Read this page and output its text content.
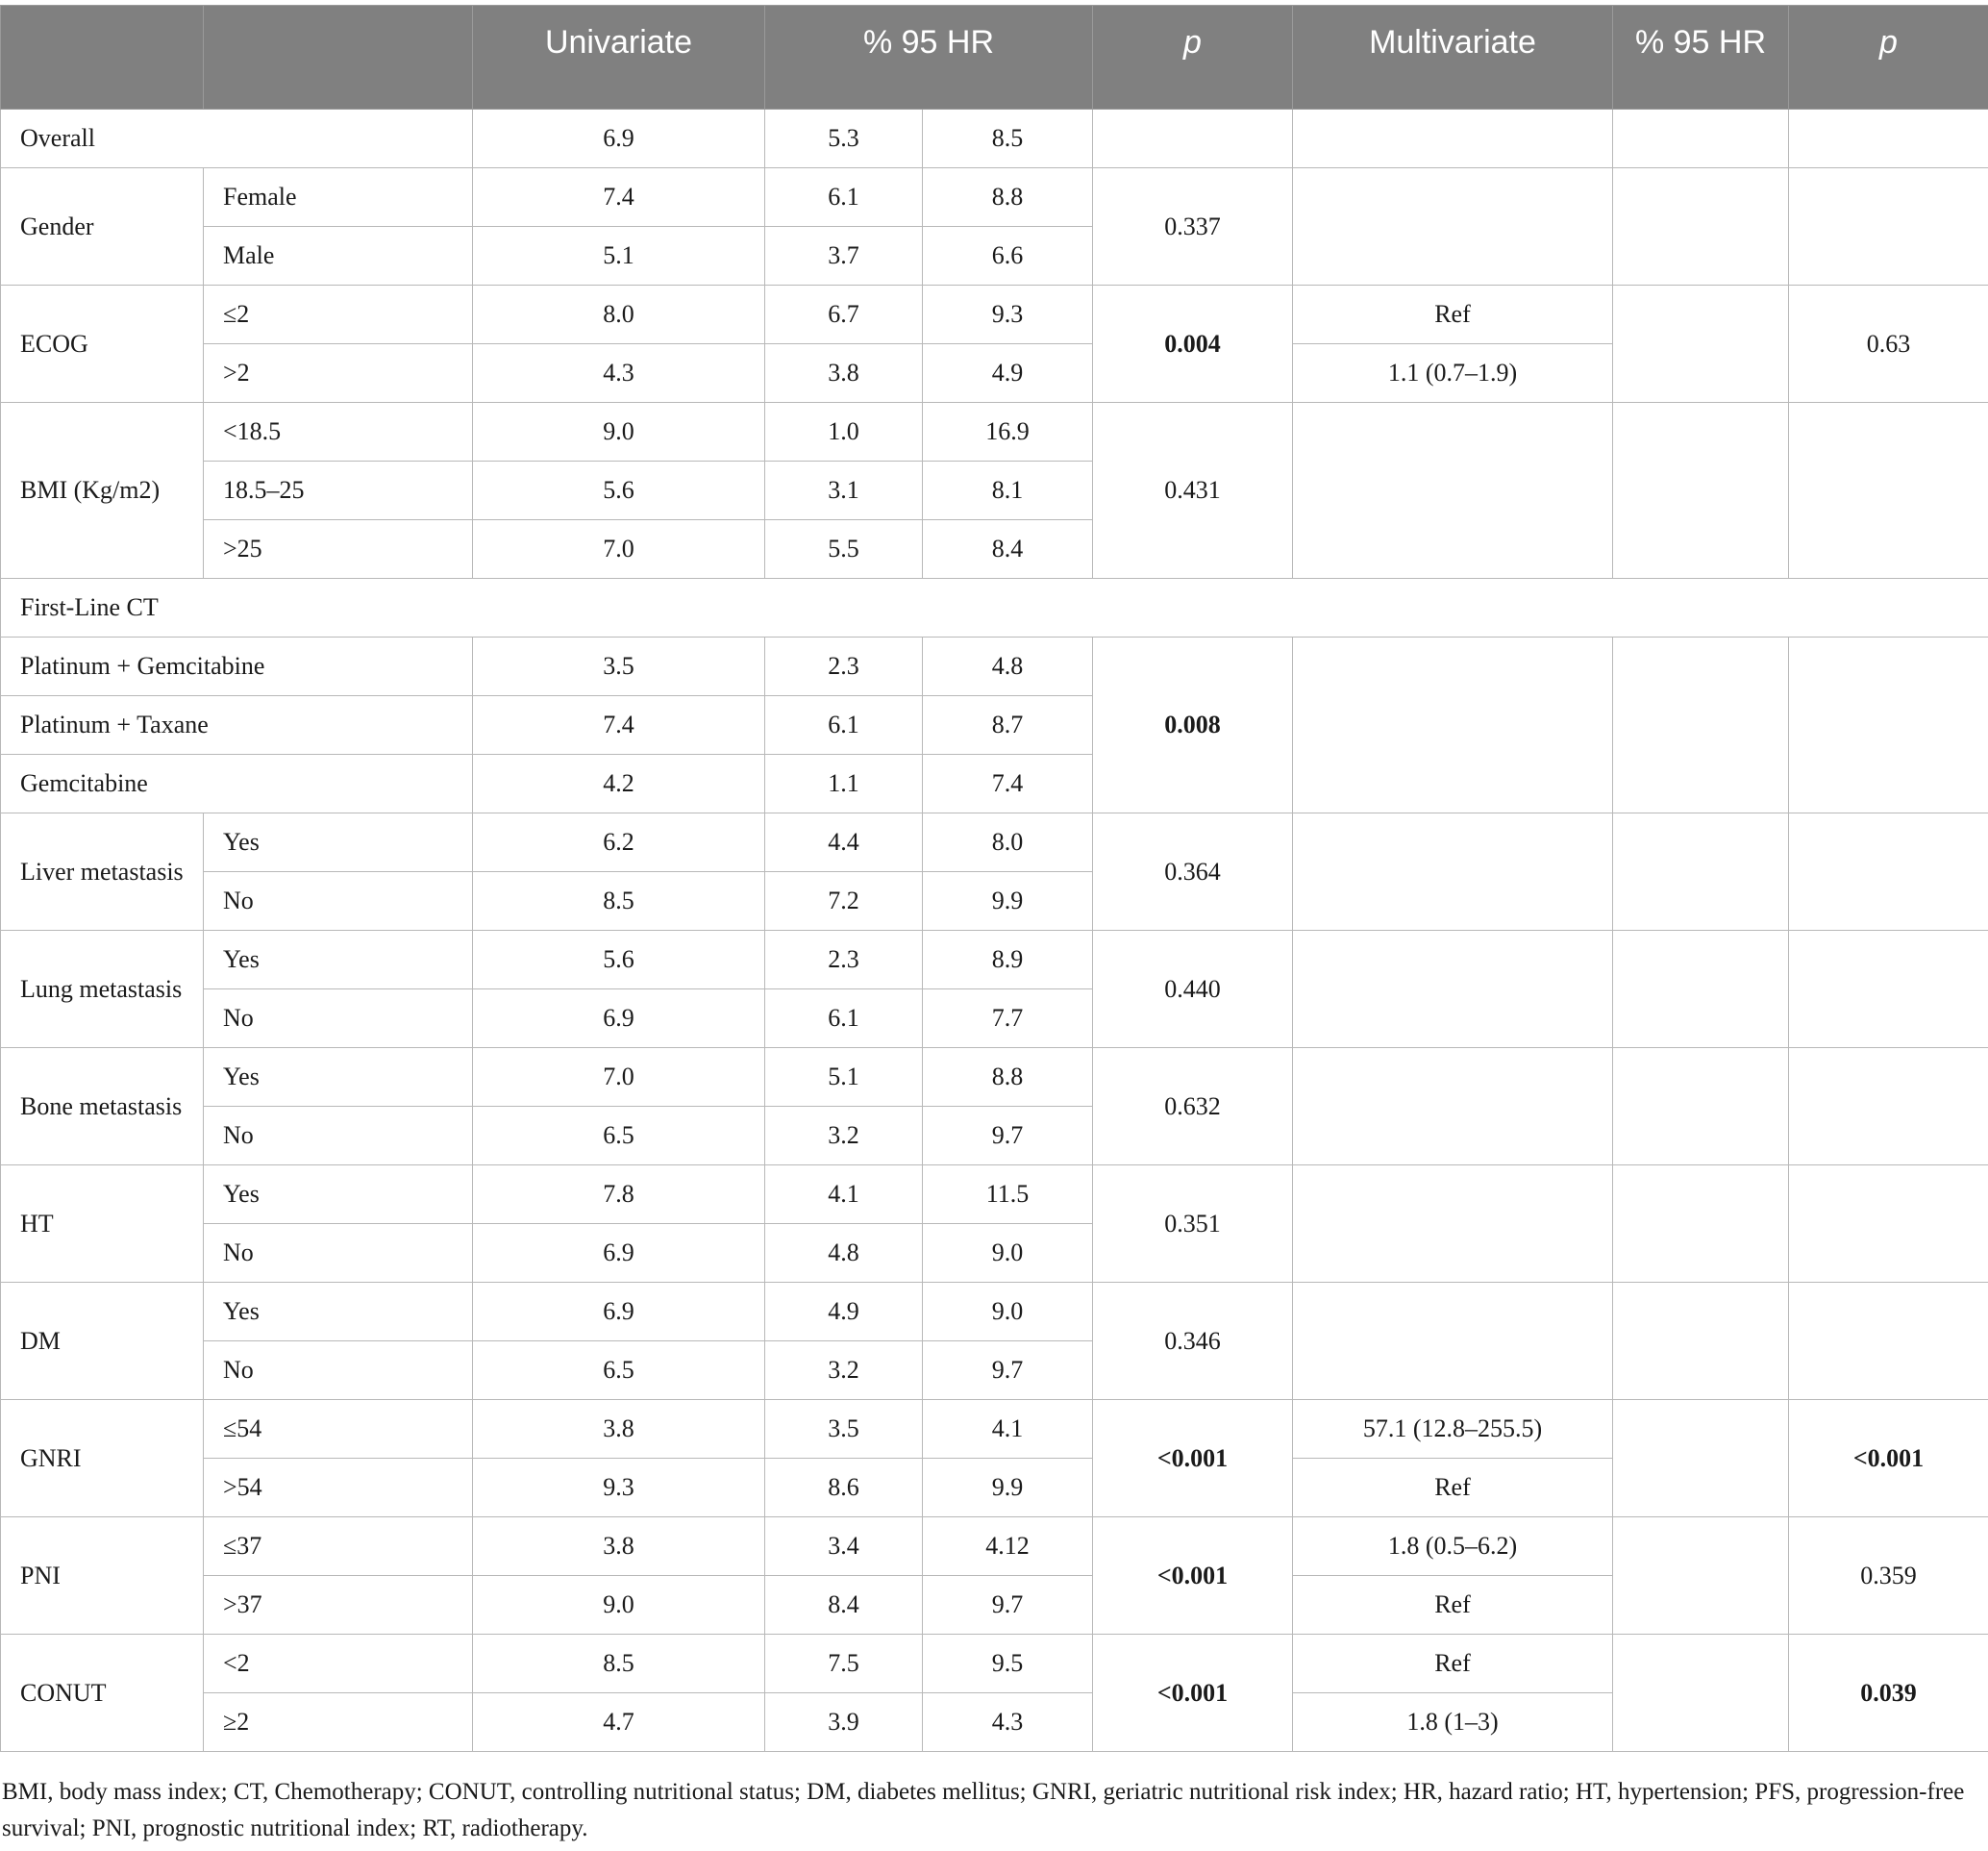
		Univariate	% 95 HR		p	Multivariate	% 95 HR	p
Overall		6.9	5.3	8.5				
Gender	Female	7.4	6.1	8.8	0.337			
	Male	5.1	3.7	6.6				
ECOG	≤2	8.0	6.7	9.3	0.004	Ref		0.63
	>2	4.3	3.8	4.9		1.1 (0.7–1.9)		
BMI (Kg/m2)	<18.5	9.0	1.0	16.9	0.431			
	18.5–25	5.6	3.1	8.1				
	>25	7.0	5.5	8.4				
First-Line CT								
Platinum + Gemcitabine		3.5	2.3	4.8	0.008			
Platinum + Taxane		7.4	6.1	8.7				
Gemcitabine		4.2	1.1	7.4				
Liver metastasis	Yes	6.2	4.4	8.0	0.364			
	No	8.5	7.2	9.9				
Lung metastasis	Yes	5.6	2.3	8.9	0.440			
	No	6.9	6.1	7.7				
Bone metastasis	Yes	7.0	5.1	8.8	0.632			
	No	6.5	3.2	9.7				
HT	Yes	7.8	4.1	11.5	0.351			
	No	6.9	4.8	9.0				
DM	Yes	6.9	4.9	9.0	0.346			
	No	6.5	3.2	9.7				
GNRI	≤54	3.8	3.5	4.1	<0.001	57.1 (12.8–255.5)		<0.001
	>54	9.3	8.6	9.9		Ref		
PNI	≤37	3.8	3.4	4.12	<0.001	1.8 (0.5–6.2)		0.359
	>37	9.0	8.4	9.7		Ref		
CONUT	<2	8.5	7.5	9.5	<0.001	Ref		0.039
	≥2	4.7	3.9	4.3		1.8 (1–3)		
BMI, body mass index; CT, Chemotherapy; CONUT, controlling nutritional status; DM, diabetes mellitus; GNRI, geriatric nutritional risk index; HR, hazard ratio; HT, hypertension; PFS, progression-free survival; PNI, prognostic nutritional index; RT, radiotherapy.
